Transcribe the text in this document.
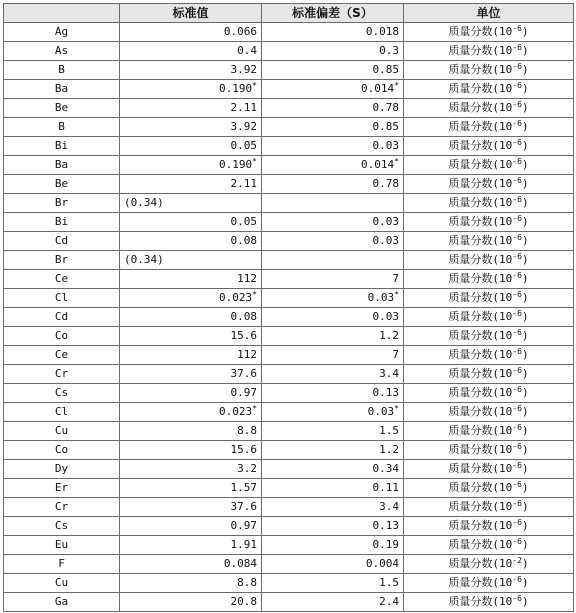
	标准值	标准偏差（S）	单位
Ag	0.066	0.018	质量分数$(10^{-6})$
As	0.4	0.3	质量分数$(10^{-6})$
B	3.92	0.85	质量分数$(10^{-6})$
Ba	0.190*	0.014*	质量分数$(10^{-6})$
Be	2.11	0.78	质量分数$(10^{-6})$
B	3.92	0.85	质量分数$(10^{-6})$
Bi	0.05	0.03	质量分数$(10^{-6})$
Ba	0.190*	0.014*	质量分数$(10^{-6})$
Be	2.11	0.78	质量分数$(10^{-6})$
Br	(0.34)		质量分数$(10^{-6})$
Bi	0.05	0.03	质量分数$(10^{-6})$
Cd	0.08	0.03	质量分数$(10^{-6})$
Br	(0.34)		质量分数$(10^{-6})$
Ce	112	7	质量分数$(10^{-6})$
Cl	0.023*	0.03*	质量分数$(10^{-6})$
Cd	0.08	0.03	质量分数$(10^{-6})$
Co	15.6	1.2	质量分数$(10^{-6})$
Ce	112	7	质量分数$(10^{-6})$
Cr	37.6	3.4	质量分数$(10^{-6})$
Cs	0.97	0.13	质量分数$(10^{-6})$
Cl	0.023*	0.03*	质量分数$(10^{-6})$
Cu	8.8	1.5	质量分数$(10^{-6})$
Co	15.6	1.2	质量分数$(10^{-6})$
Dy	3.2	0.34	质量分数$(10^{-6})$
Er	1.57	0.11	质量分数$(10^{-6})$
Cr	37.6	3.4	质量分数$(10^{-6})$
Cs	0.97	0.13	质量分数$(10^{-6})$
Eu	1.91	0.19	质量分数$(10^{-6})$
F	0.084	0.004	质量分数$(10^{-2})$
Cu	8.8	1.5	质量分数$(10^{-6})$
Ga	20.8	2.4	质量分数$(10^{-6})$
